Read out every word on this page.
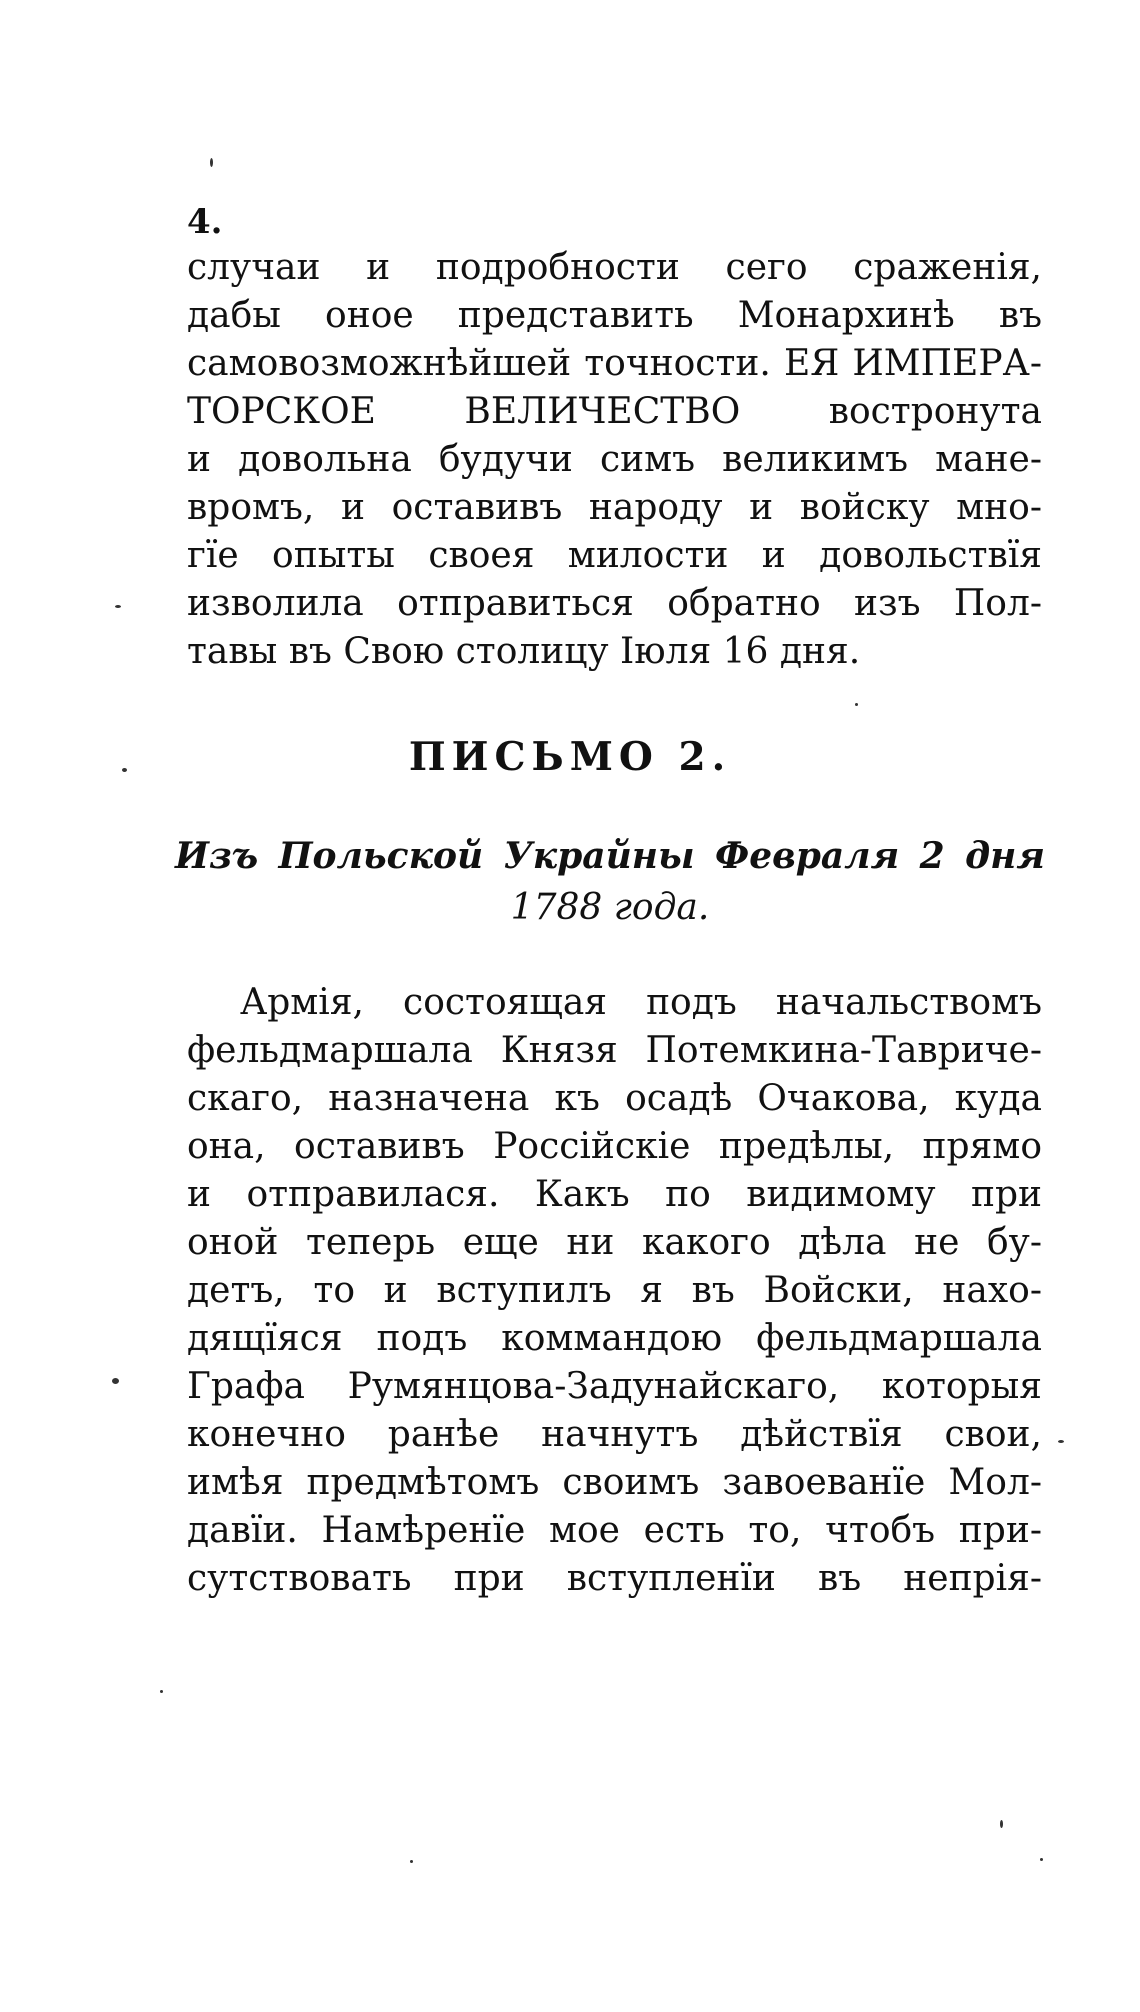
4.
случаи и подробности сего сраженія,
дабы оное представить Монархинѣ въ
самовозможнѣйшей точности. ЕЯ ИМПЕРА-
ТОРСКОЕ ВЕЛИЧЕСТВО востронута
и довольна будучи симъ великимъ мане-
вромъ, и оставивъ народу и войску мно-
гїе опыты своея милости и довольствїя
изволила отправиться обратно изъ Пол-
тавы въ Свою столицу Іюля 16 дня.
ПИСЬМО 2.
Изъ Польской Украйны Февраля 2 дня
1788 года.
Армія, состоящая подъ начальствомъ
фельдмаршала Князя Потемкина-Тавриче-
скаго, назначена къ осадѣ Очакова, куда
она, оставивъ Россійскіе предѣлы, прямо
и отправилася. Какъ по видимому при
оной теперь еще ни какого дѣла не бу-
детъ, то и вступилъ я въ Войски, нахо-
дящїяся подъ коммандою фельдмаршала
Графа Румянцова-Задунайскаго, которыя
конечно ранѣе начнутъ дѣйствїя свои,
имѣя предмѣтомъ своимъ завоеванїе Мол-
давїи. Намѣренїе мое есть то, чтобъ при-
сутствовать при вступленїи въ непрія-
